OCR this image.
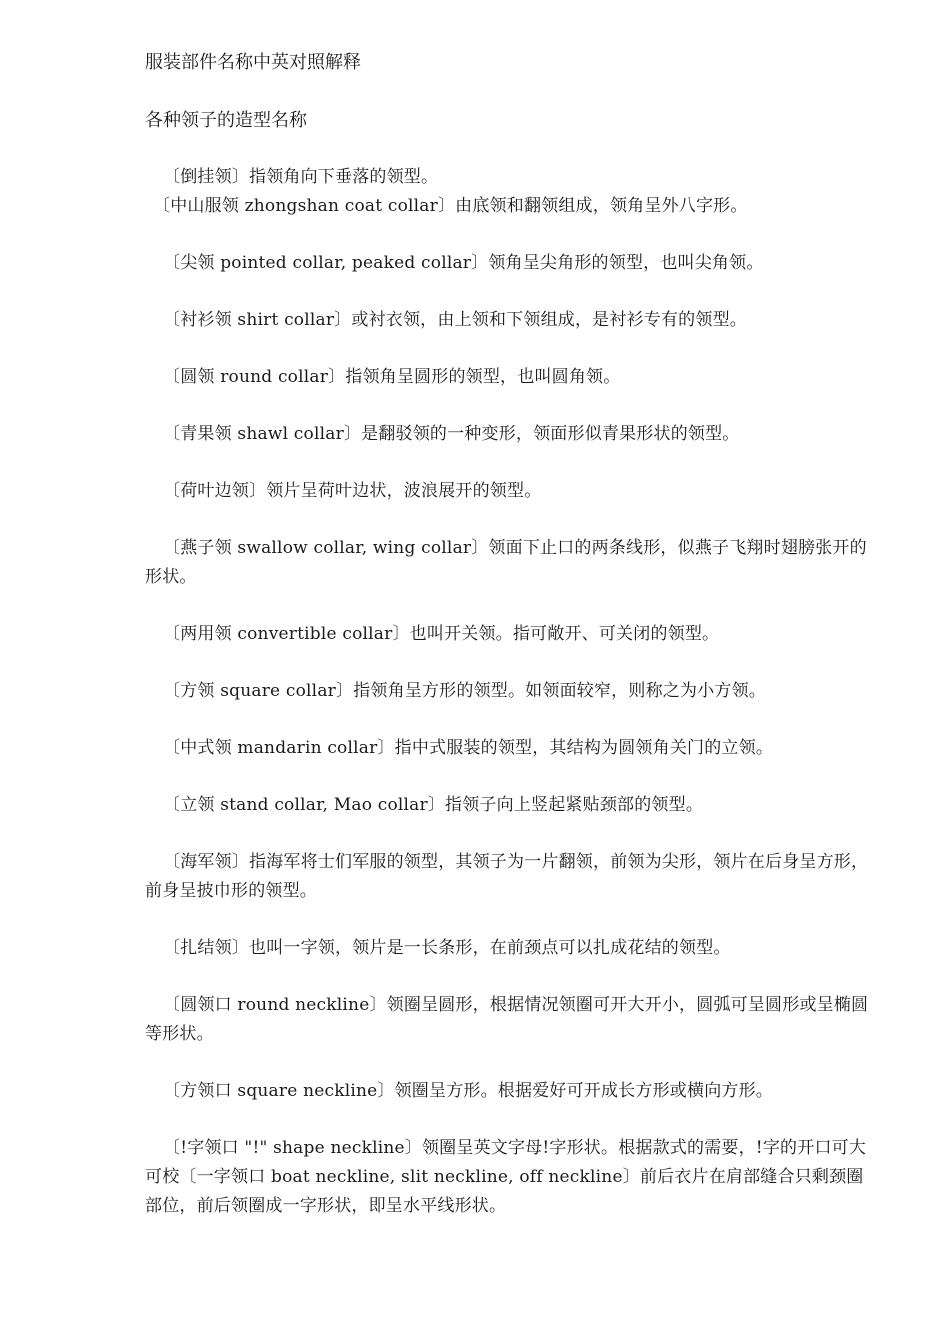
服装部件名称中英对照解释

各种领子的造型名称

〔倒挂领〕指领角向下垂落的领型。

〔中山服领 zhongshan coat collar〕由底领和翻领组成，领角呈外八字形。

〔尖领 pointed collar, peaked collar〕领角呈尖角形的领型，也叫尖角领。

〔衬衫领 shirt collar〕或衬衣领，由上领和下领组成，是衬衫专有的领型。

〔圆领 round collar〕指领角呈圆形的领型，也叫圆角领。

〔青果领 shawl collar〕是翻驳领的一种变形，领面形似青果形状的领型。

〔荷叶边领〕领片呈荷叶边状，波浪展开的领型。

〔燕子领 swallow collar, wing collar〕领面下止口的两条线形，似燕子飞翔时翅膀张开的形状。

〔两用领 convertible collar〕也叫开关领。指可敞开、可关闭的领型。

〔方领 square collar〕指领角呈方形的领型。如领面较窄，则称之为小方领。

〔中式领 mandarin collar〕指中式服装的领型，其结构为圆领角关门的立领。

〔立领 stand collar, Mao collar〕指领子向上竖起紧贴颈部的领型。

〔海军领〕指海军将士们军服的领型，其领子为一片翻领，前领为尖形，领片在后身呈方形，前身呈披巾形的领型。

〔扎结领〕也叫一字领，领片是一长条形，在前颈点可以扎成花结的领型。

〔圆领口 round neckline〕领圈呈圆形，根据情况领圈可开大开小，圆弧可呈圆形或呈椭圆等形状。

〔方领口 square neckline〕领圈呈方形。根据爱好可开成长方形或横向方形。

〔!字领口 "!" shape neckline〕领圈呈英文字母!字形状。根据款式的需要，!字的开口可大可校〔一字领口 boat neckline, slit neckline, off neckline〕前后衣片在肩部缝合只剩颈圈部位，前后领圈成一字形状，即呈水平线形状。
